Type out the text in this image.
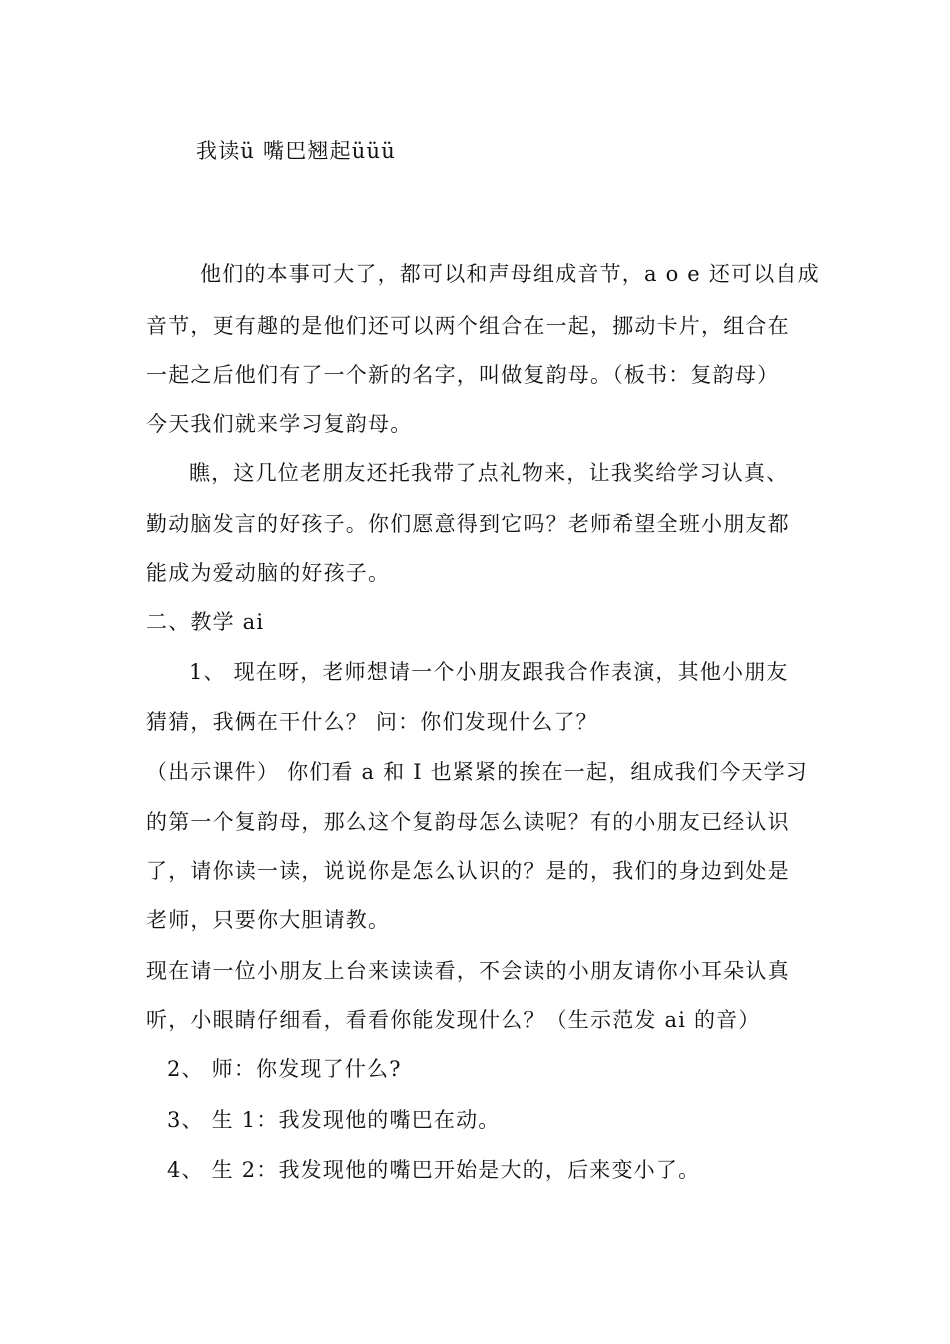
我读ü 嘴巴翘起üüü
他们的本事可大了，都可以和声母组成音节，a o e 还可以自成
音节，更有趣的是他们还可以两个组合在一起，挪动卡片，组合在
一起之后他们有了一个新的名字，叫做复韵母。（板书：复韵母）
今天我们就来学习复韵母。
瞧，这几位老朋友还托我带了点礼物来，让我奖给学习认真、
勤动脑发言的好孩子。你们愿意得到它吗？老师希望全班小朋友都
能成为爱动脑的好孩子。
二、教学 ai
1、 现在呀，老师想请一个小朋友跟我合作表演，其他小朋友
猜猜，我俩在干什么？ 问：你们发现什么了？
（出示课件） 你们看 a 和 I 也紧紧的挨在一起，组成我们今天学习
的第一个复韵母，那么这个复韵母怎么读呢？有的小朋友已经认识
了，请你读一读，说说你是怎么认识的？是的，我们的身边到处是
老师，只要你大胆请教。
现在请一位小朋友上台来读读看，不会读的小朋友请你小耳朵认真
听，小眼睛仔细看，看看你能发现什么？（生示范发 ai 的音）
2、 师：你发现了什么?
3、 生 1：我发现他的嘴巴在动。
4、 生 2：我发现他的嘴巴开始是大的，后来变小了。
